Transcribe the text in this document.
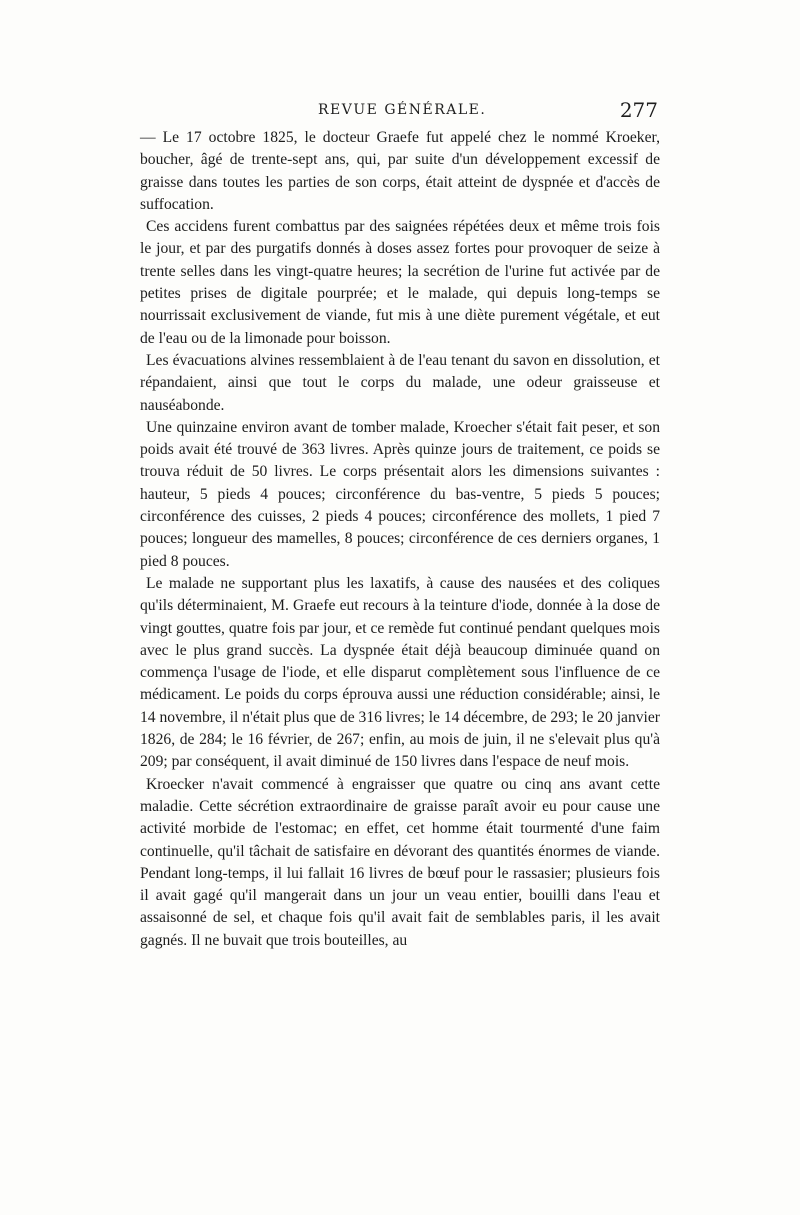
REVUE GÉNÉRALE.	277

— Le 17 octobre 1825, le docteur Graefe fut appelé chez le nommé Kroeker, boucher, âgé de trente-sept ans, qui, par suite d'un développement excessif de graisse dans toutes les parties de son corps, était atteint de dyspnée et d'accès de suffocation.

Ces accidens furent combattus par des saignées répétées deux et même trois fois le jour, et par des purgatifs donnés à doses assez fortes pour provoquer de seize à trente selles dans les vingt-quatre heures; la secrétion de l'urine fut activée par de petites prises de digitale pourprée; et le malade, qui depuis long-temps se nourrissait exclusivement de viande, fut mis à une diète purement végétale, et eut de l'eau ou de la limonade pour boisson.

Les évacuations alvines ressemblaient à de l'eau tenant du savon en dissolution, et répandaient, ainsi que tout le corps du malade, une odeur graisseuse et nauséabonde.

Une quinzaine environ avant de tomber malade, Kroecher s'était fait peser, et son poids avait été trouvé de 363 livres. Après quinze jours de traitement, ce poids se trouva réduit de 50 livres. Le corps présentait alors les dimensions suivantes : hauteur, 5 pieds 4 pouces; circonférence du bas-ventre, 5 pieds 5 pouces; circonférence des cuisses, 2 pieds 4 pouces; circonférence des mollets, 1 pied 7 pouces; longueur des mamelles, 8 pouces; circonférence de ces derniers organes, 1 pied 8 pouces.

Le malade ne supportant plus les laxatifs, à cause des nausées et des coliques qu'ils déterminaient, M. Graefe eut recours à la teinture d'iode, donnée à la dose de vingt gouttes, quatre fois par jour, et ce remède fut continué pendant quelques mois avec le plus grand succès. La dyspnée était déjà beaucoup diminuée quand on commença l'usage de l'iode, et elle disparut complètement sous l'influence de ce médicament. Le poids du corps éprouva aussi une réduction considérable; ainsi, le 14 novembre, il n'était plus que de 316 livres; le 14 décembre, de 293; le 20 janvier 1826, de 284; le 16 février, de 267; enfin, au mois de juin, il ne s'elevait plus qu'à 209; par conséquent, il avait diminué de 150 livres dans l'espace de neuf mois.

Kroecker n'avait commencé à engraisser que quatre ou cinq ans avant cette maladie. Cette sécrétion extraordinaire de graisse paraît avoir eu pour cause une activité morbide de l'estomac; en effet, cet homme était tourmenté d'une faim continuelle, qu'il tâchait de satisfaire en dévorant des quantités énormes de viande. Pendant long-temps, il lui fallait 16 livres de bœuf pour le rassasier; plusieurs fois il avait gagé qu'il mangerait dans un jour un veau entier, bouilli dans l'eau et assaisonné de sel, et chaque fois qu'il avait fait de semblables paris, il les avait gagnés. Il ne buvait que trois bouteilles, au
